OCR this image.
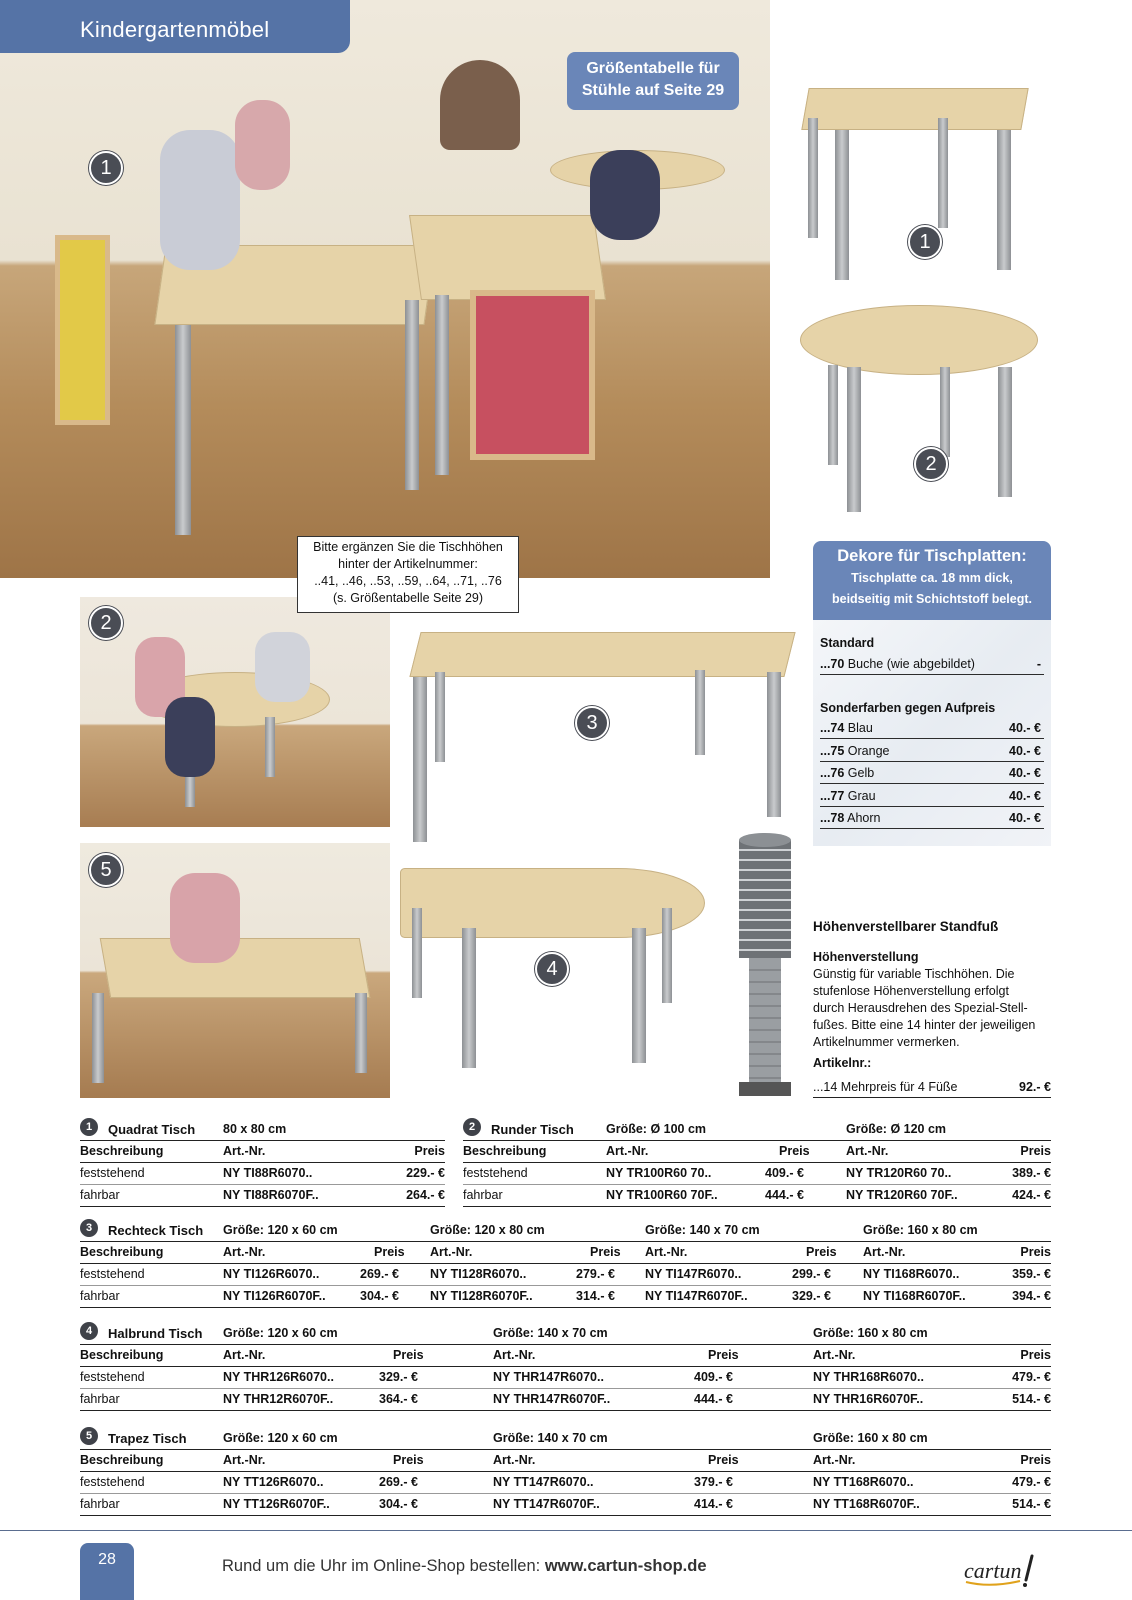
Kindergartenmöbel
1
Größentabelle für
Stühle auf Seite 29
Bitte ergänzen Sie die Tischhöhen
hinter der Artikelnummer:
..41, ..46, ..53, ..59, ..64, ..71, ..76
(s. Größentabelle Seite 29)
1
2
2
3
5
4
Dekore für Tischplatten:
Tischplatte ca. 18 mm dick,
beidseitig mit Schichtstoff belegt.
Standard
...70 Buche (wie abgebildet)	-
Sonderfarben gegen Aufpreis
...74 Blau	40.- €
...75 Orange	40.- €
...76 Gelb	40.- €
...77 Grau	40.- €
...78 Ahorn	40.- €
Höhenverstellbarer Standfuß
Höhenverstellung
Günstig für variable Tischhöhen. Die
stufenlose Höhenverstellung erfolgt
durch Herausdrehen des Spezial-Stell-
fußes. Bitte eine 14 hinter der jeweiligen
Artikelnummer vermerken.
Artikelnr.:
...14 Mehrpreis für 4 Füße	92.- €
1	Quadrat Tisch 80 x 80 cm
Beschreibung	Art.-Nr.	Preis
feststehend	NY TI88R6070..	229.- €
fahrbar	NY TI88R6070F..	264.- €
2	Runder Tisch	Größe: Ø 100 cm	Größe: Ø 120 cm
Beschreibung	Art.-Nr.	Preis	Art.-Nr.	Preis
feststehend	NY TR100R60 70..	409.- €	NY TR120R60 70..	389.- €
fahrbar	NY TR100R60 70F..	444.- €	NY TR120R60 70F..	424.- €
3	Rechteck Tisch Größe: 120 x 60 cm	Größe: 120 x 80 cm	Größe: 140 x 70 cm	Größe: 160 x 80 cm
Beschreibung	Art.-Nr.	Preis Art.-Nr.	Preis Art.-Nr.	Preis Art.-Nr.	Preis
feststehend	NY TI126R6070..	269.- € NY TI128R6070..	279.- € NY TI147R6070..	299.- €	NY TI168R6070..	359.- €
fahrbar	NY TI126R6070F..	304.- € NY TI128R6070F..	314.- € NY TI147R6070F..	329.- €	NY TI168R6070F..	394.- €
4	Halbrund Tisch Größe: 120 x 60 cm	Größe: 140 x 70 cm	Größe: 160 x 80 cm
Beschreibung	Art.-Nr.	Preis	Art.-Nr.	Preis	Art.-Nr.	Preis
feststehend	NY THR126R6070..	329.- €	NY THR147R6070..	409.- €	NY THR168R6070..	479.- €
fahrbar	NY THR12R6070F..	364.- €	NY THR147R6070F..	444.- €	NY THR16R6070F..	514.- €
5	Trapez Tisch	Größe: 120 x 60 cm	Größe: 140 x 70 cm	Größe: 160 x 80 cm
Beschreibung	Art.-Nr.	Preis	Art.-Nr.	Preis	Art.-Nr.	Preis
feststehend	NY TT126R6070..	269.- €	NY TT147R6070..	379.- €	NY TT168R6070..	479.- €
fahrbar	NY TT126R6070F..	304.- €	NY TT147R6070F..	414.- €	NY TT168R6070F..	514.- €
28	Rund um die Uhr im Online-Shop bestellen: www.cartun-shop.de	cartun
